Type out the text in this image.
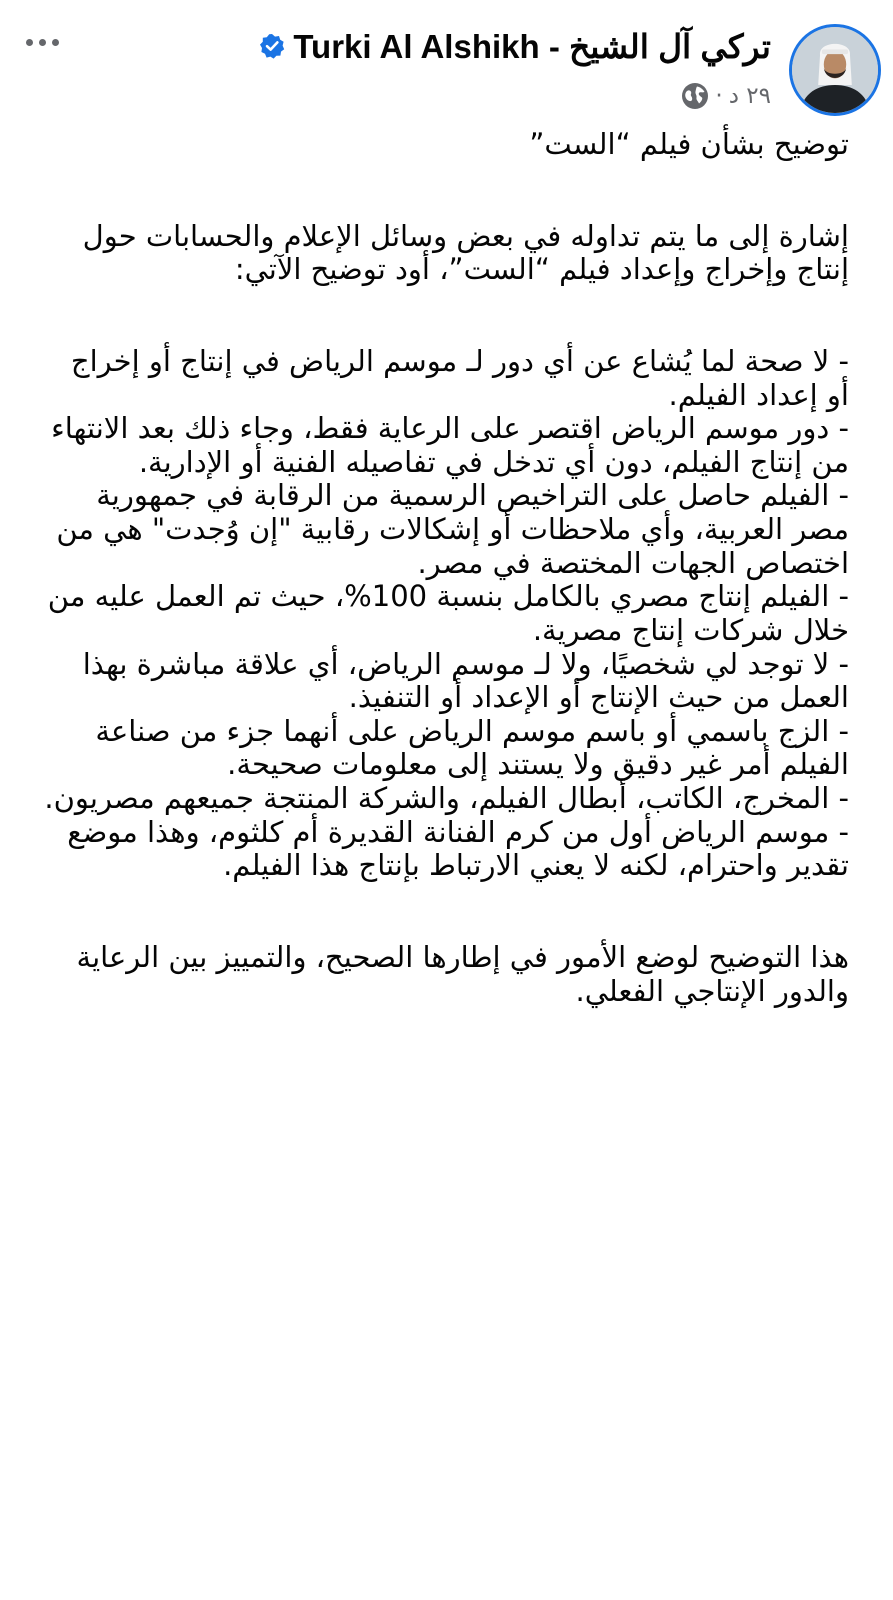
تركي آل الشيخ - Turki Al Alshikh
· ٢٩ د

توضيح بشأن فيلم “الست”

إشارة إلى ما يتم تداوله في بعض وسائل الإعلام والحسابات حول إنتاج وإخراج وإعداد فيلم “الست”، أود توضيح الآتي:

- لا صحة لما يُشاع عن أي دور لـ موسم الرياض في إنتاج أو إخراج أو إعداد الفيلم.

- دور موسم الرياض اقتصر على الرعاية فقط، وجاء ذلك بعد الانتهاء من إنتاج الفيلم، دون أي تدخل في تفاصيله الفنية أو الإدارية.

- الفيلم حاصل على التراخيص الرسمية من الرقابة في جمهورية مصر العربية، وأي ملاحظات أو إشكالات رقابية "إن وُجدت" هي من اختصاص الجهات المختصة في مصر.

- الفيلم إنتاج مصري بالكامل بنسبة 100%، حيث تم العمل عليه من خلال شركات إنتاج مصرية.

- لا توجد لي شخصيًا، ولا لـ موسم الرياض، أي علاقة مباشرة بهذا العمل من حيث الإنتاج أو الإعداد أو التنفيذ.

- الزج باسمي أو باسم موسم الرياض على أنهما جزء من صناعة الفيلم أمر غير دقيق ولا يستند إلى معلومات صحيحة.

- المخرج، الكاتب، أبطال الفيلم، والشركة المنتجة جميعهم مصريون.

- موسم الرياض أول من كرم الفنانة القديرة أم كلثوم، وهذا موضع تقدير واحترام، لكنه لا يعني الارتباط بإنتاج هذا الفيلم.

هذا التوضيح لوضع الأمور في إطارها الصحيح، والتمييز بين الرعاية والدور الإنتاجي الفعلي.
